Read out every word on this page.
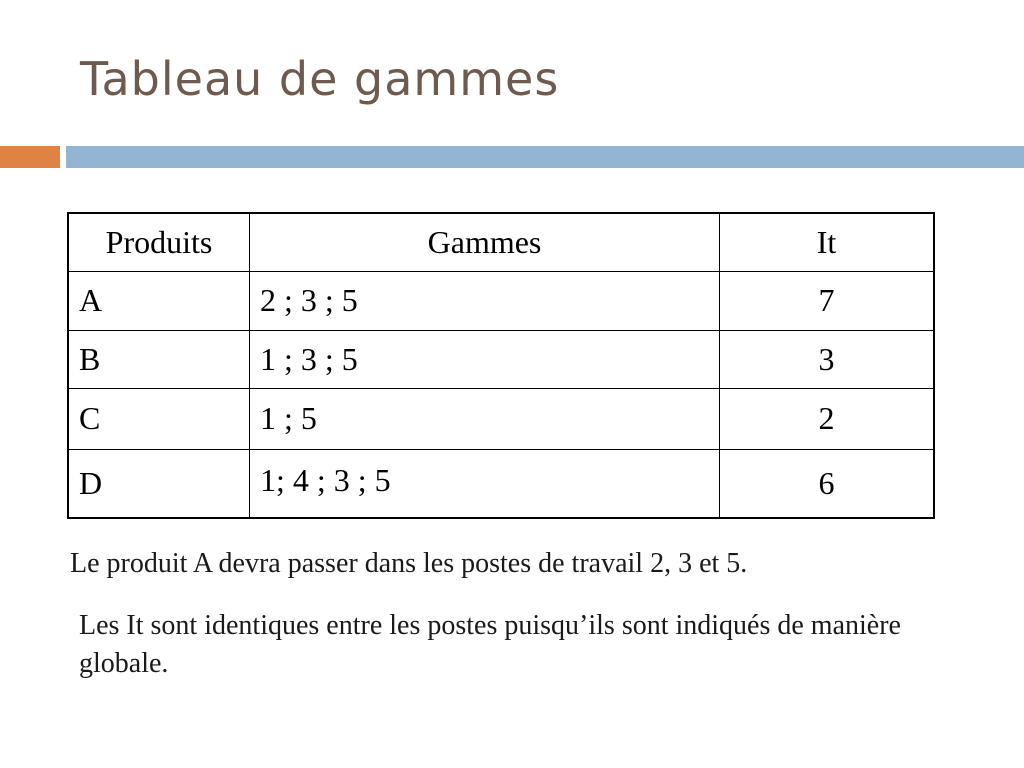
Tableau de gammes
Produits	Gammes	It
A	2 ; 3 ; 5	7
B	1 ; 3 ; 5	3
C	1 ; 5	2
D	1; 4 ; 3 ; 5	6
Le produit A devra passer dans les postes de travail 2, 3 et 5.
Les It sont identiques entre les postes puisqu’ils sont indiqués de manière globale.
